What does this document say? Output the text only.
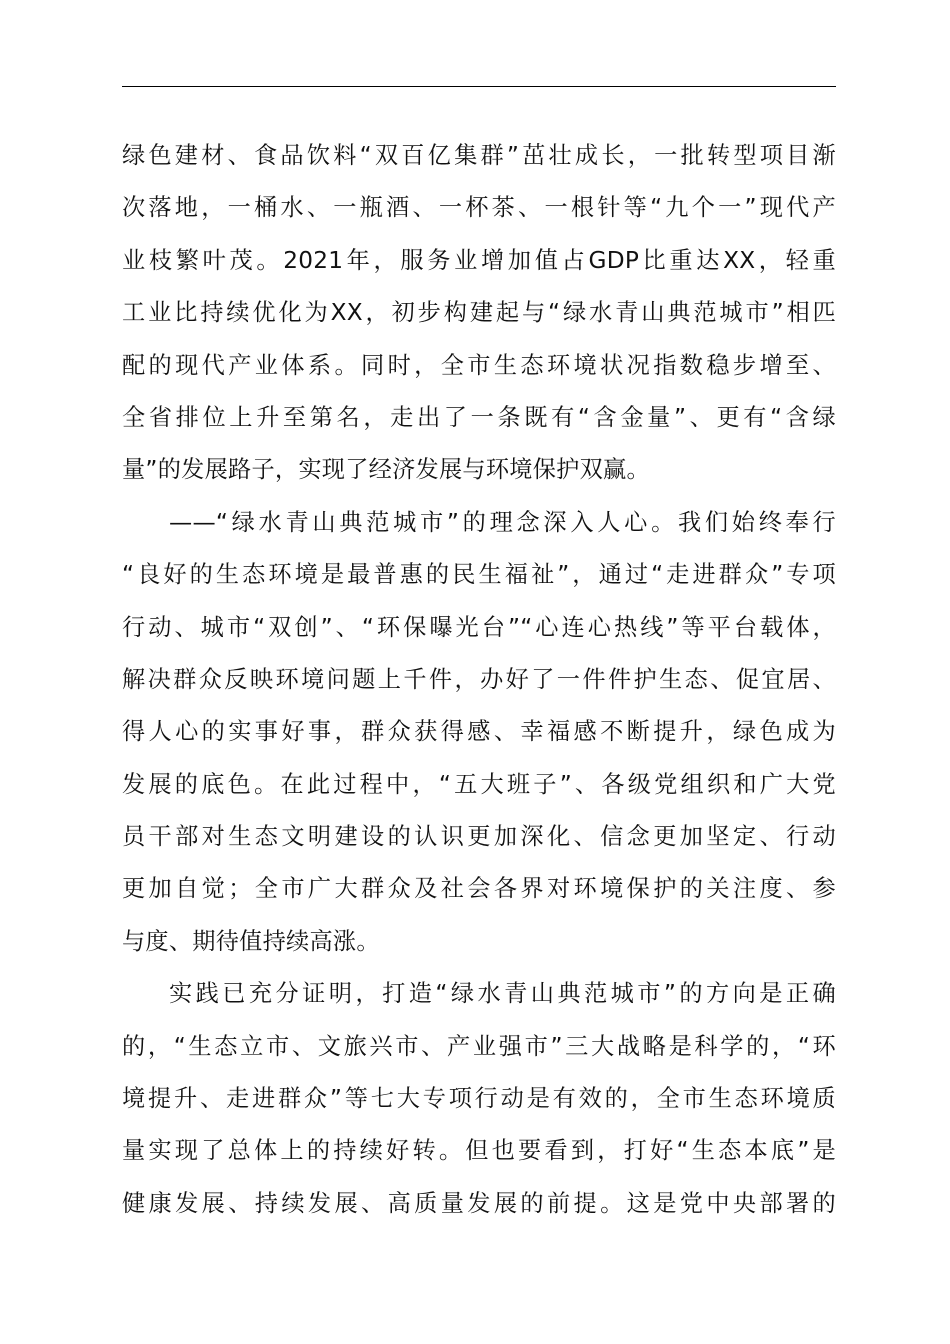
绿色建材、食品饮料“双百亿集群”茁壮成长，一批转型项目渐
次落地，一桶水、一瓶酒、一杯茶、一根针等“九个一”现代产
业枝繁叶茂。2021年，服务业增加值占GDP比重达XX，轻重
工业比持续优化为XX，初步构建起与“绿水青山典范城市”相匹
配的现代产业体系。同时，全市生态环境状况指数稳步增至、
全省排位上升至第名，走出了一条既有“含金量”、更有“含绿
量”的发展路子，实现了经济发展与环境保护双赢。
——“绿水青山典范城市”的理念深入人心。我们始终奉行
“良好的生态环境是最普惠的民生福祉”，通过“走进群众”专项
行动、城市“双创”、“环保曝光台”“心连心热线”等平台载体，
解决群众反映环境问题上千件，办好了一件件护生态、促宜居、
得人心的实事好事，群众获得感、幸福感不断提升，绿色成为
发展的底色。在此过程中，“五大班子”、各级党组织和广大党
员干部对生态文明建设的认识更加深化、信念更加坚定、行动
更加自觉；全市广大群众及社会各界对环境保护的关注度、参
与度、期待值持续高涨。
实践已充分证明，打造“绿水青山典范城市”的方向是正确
的，“生态立市、文旅兴市、产业强市”三大战略是科学的，“环
境提升、走进群众”等七大专项行动是有效的，全市生态环境质
量实现了总体上的持续好转。但也要看到，打好“生态本底”是
健康发展、持续发展、高质量发展的前提。这是党中央部署的
